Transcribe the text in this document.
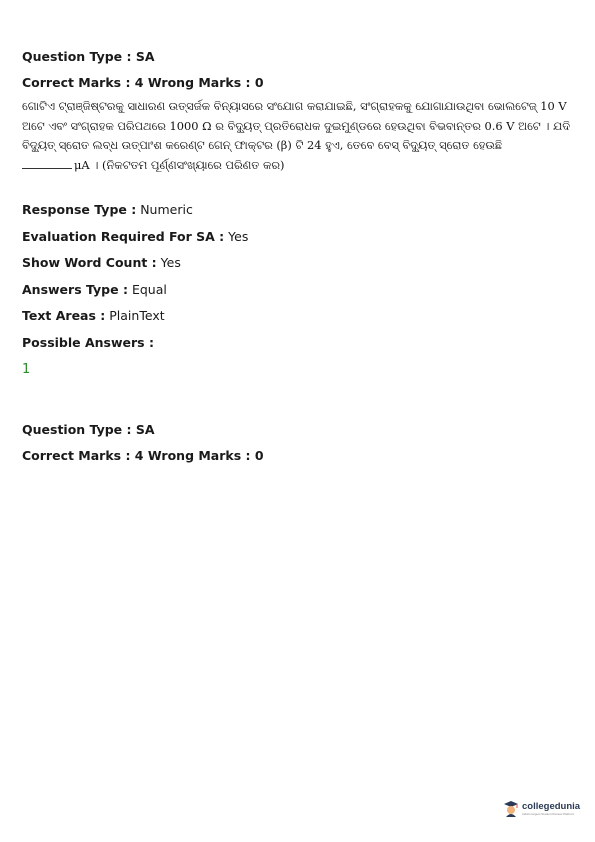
Question Type : SA
Correct Marks : 4 Wrong Marks : 0
ଗୋଟିଏ ଟ୍ରାଞ୍ଜିଷ୍ଟରକୁ ସାଧାରଣ ଉତ୍ସର୍ଜକ ବିନ୍ୟାସରେ ସଂଯୋଗ କରାଯାଇଛି, ସଂଗ୍ରାହକକୁ ଯୋଗାଯାଉଥିବା ଭୋଲଟେଜ୍ 10 V
ଅଟେ ଏବଂ ସଂଗ୍ରାହକ ପରିପଥରେ 1000 Ω ର ବିଦ୍ୟୁତ୍ ପ୍ରତିରୋଧକ ଦୁଇମୁଣ୍ଡରେ ହେଉଥିବା ବିଭବାନ୍ତର 0.6 V ଅଟେ । ଯଦି
ବିଦ୍ୟୁତ୍ ସ୍ରୋତ ଲବ୍ଧ ଉତ୍ପାଂଶ କରେଣ୍ଟ ଗେନ୍ ଫାକ୍ଟର (β) ଟି 24 ହୁଏ, ତେବେ ବେସ୍ ବିଦ୍ୟୁତ୍ ସ୍ରୋତ ହେଉଛି
μA । (ନିକଟତମ ପୂର୍ଣ୍ଣସଂଖ୍ୟାରେ ପରିଣତ କର)
Response Type : Numeric
Evaluation Required For SA : Yes
Show Word Count : Yes
Answers Type : Equal
Text Areas : PlainText
Possible Answers :
1
Question Type : SA
Correct Marks : 4 Wrong Marks : 0
collegedunia
India's largest Student Review Platform
